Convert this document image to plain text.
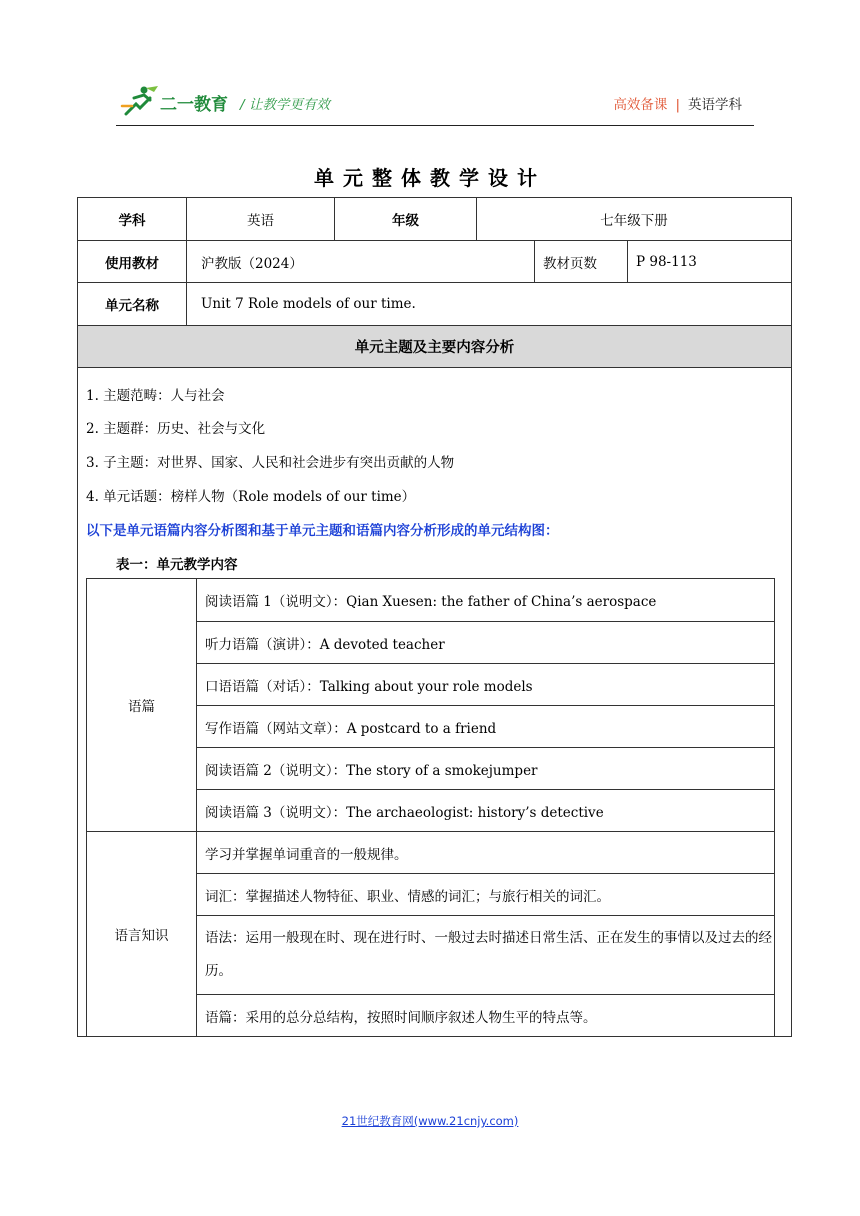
二一教育 / 让教学更有效	高效备课 | 英语学科
单元整体教学设计
学科	英语	年级	七年级下册
使用教材	沪教版（2024）	教材页数	P 98-113
单元名称	Unit 7 Role models of our time.
单元主题及主要内容分析

1. 主题范畴：人与社会
2. 主题群：历史、社会与文化
3. 子主题：对世界、国家、人民和社会进步有突出贡献的人物
4. 单元话题：榜样人物（Role models of our time）
以下是单元语篇内容分析图和基于单元主题和语篇内容分析形成的单元结构图：
表一：单元教学内容
语篇	阅读语篇 1（说明文）：Qian Xuesen: the father of China’s aerospace
听力语篇（演讲）：A devoted teacher
口语语篇（对话）：Talking about your role models
写作语篇（网站文章）：A postcard to a friend
阅读语篇 2（说明文）：The story of a smokejumper
阅读语篇 3（说明文）：The archaeologist: history’s detective
语言知识	学习并掌握单词重音的一般规律。
词汇：掌握描述人物特征、职业、情感的词汇；与旅行相关的词汇。
语法：运用一般现在时、现在进行时、一般过去时描述日常生活、正在发生的事情以及过去的经历。
语篇：采用的总分总结构，按照时间顺序叙述人物生平的特点等。
21世纪教育网(www.21cnjy.com)
